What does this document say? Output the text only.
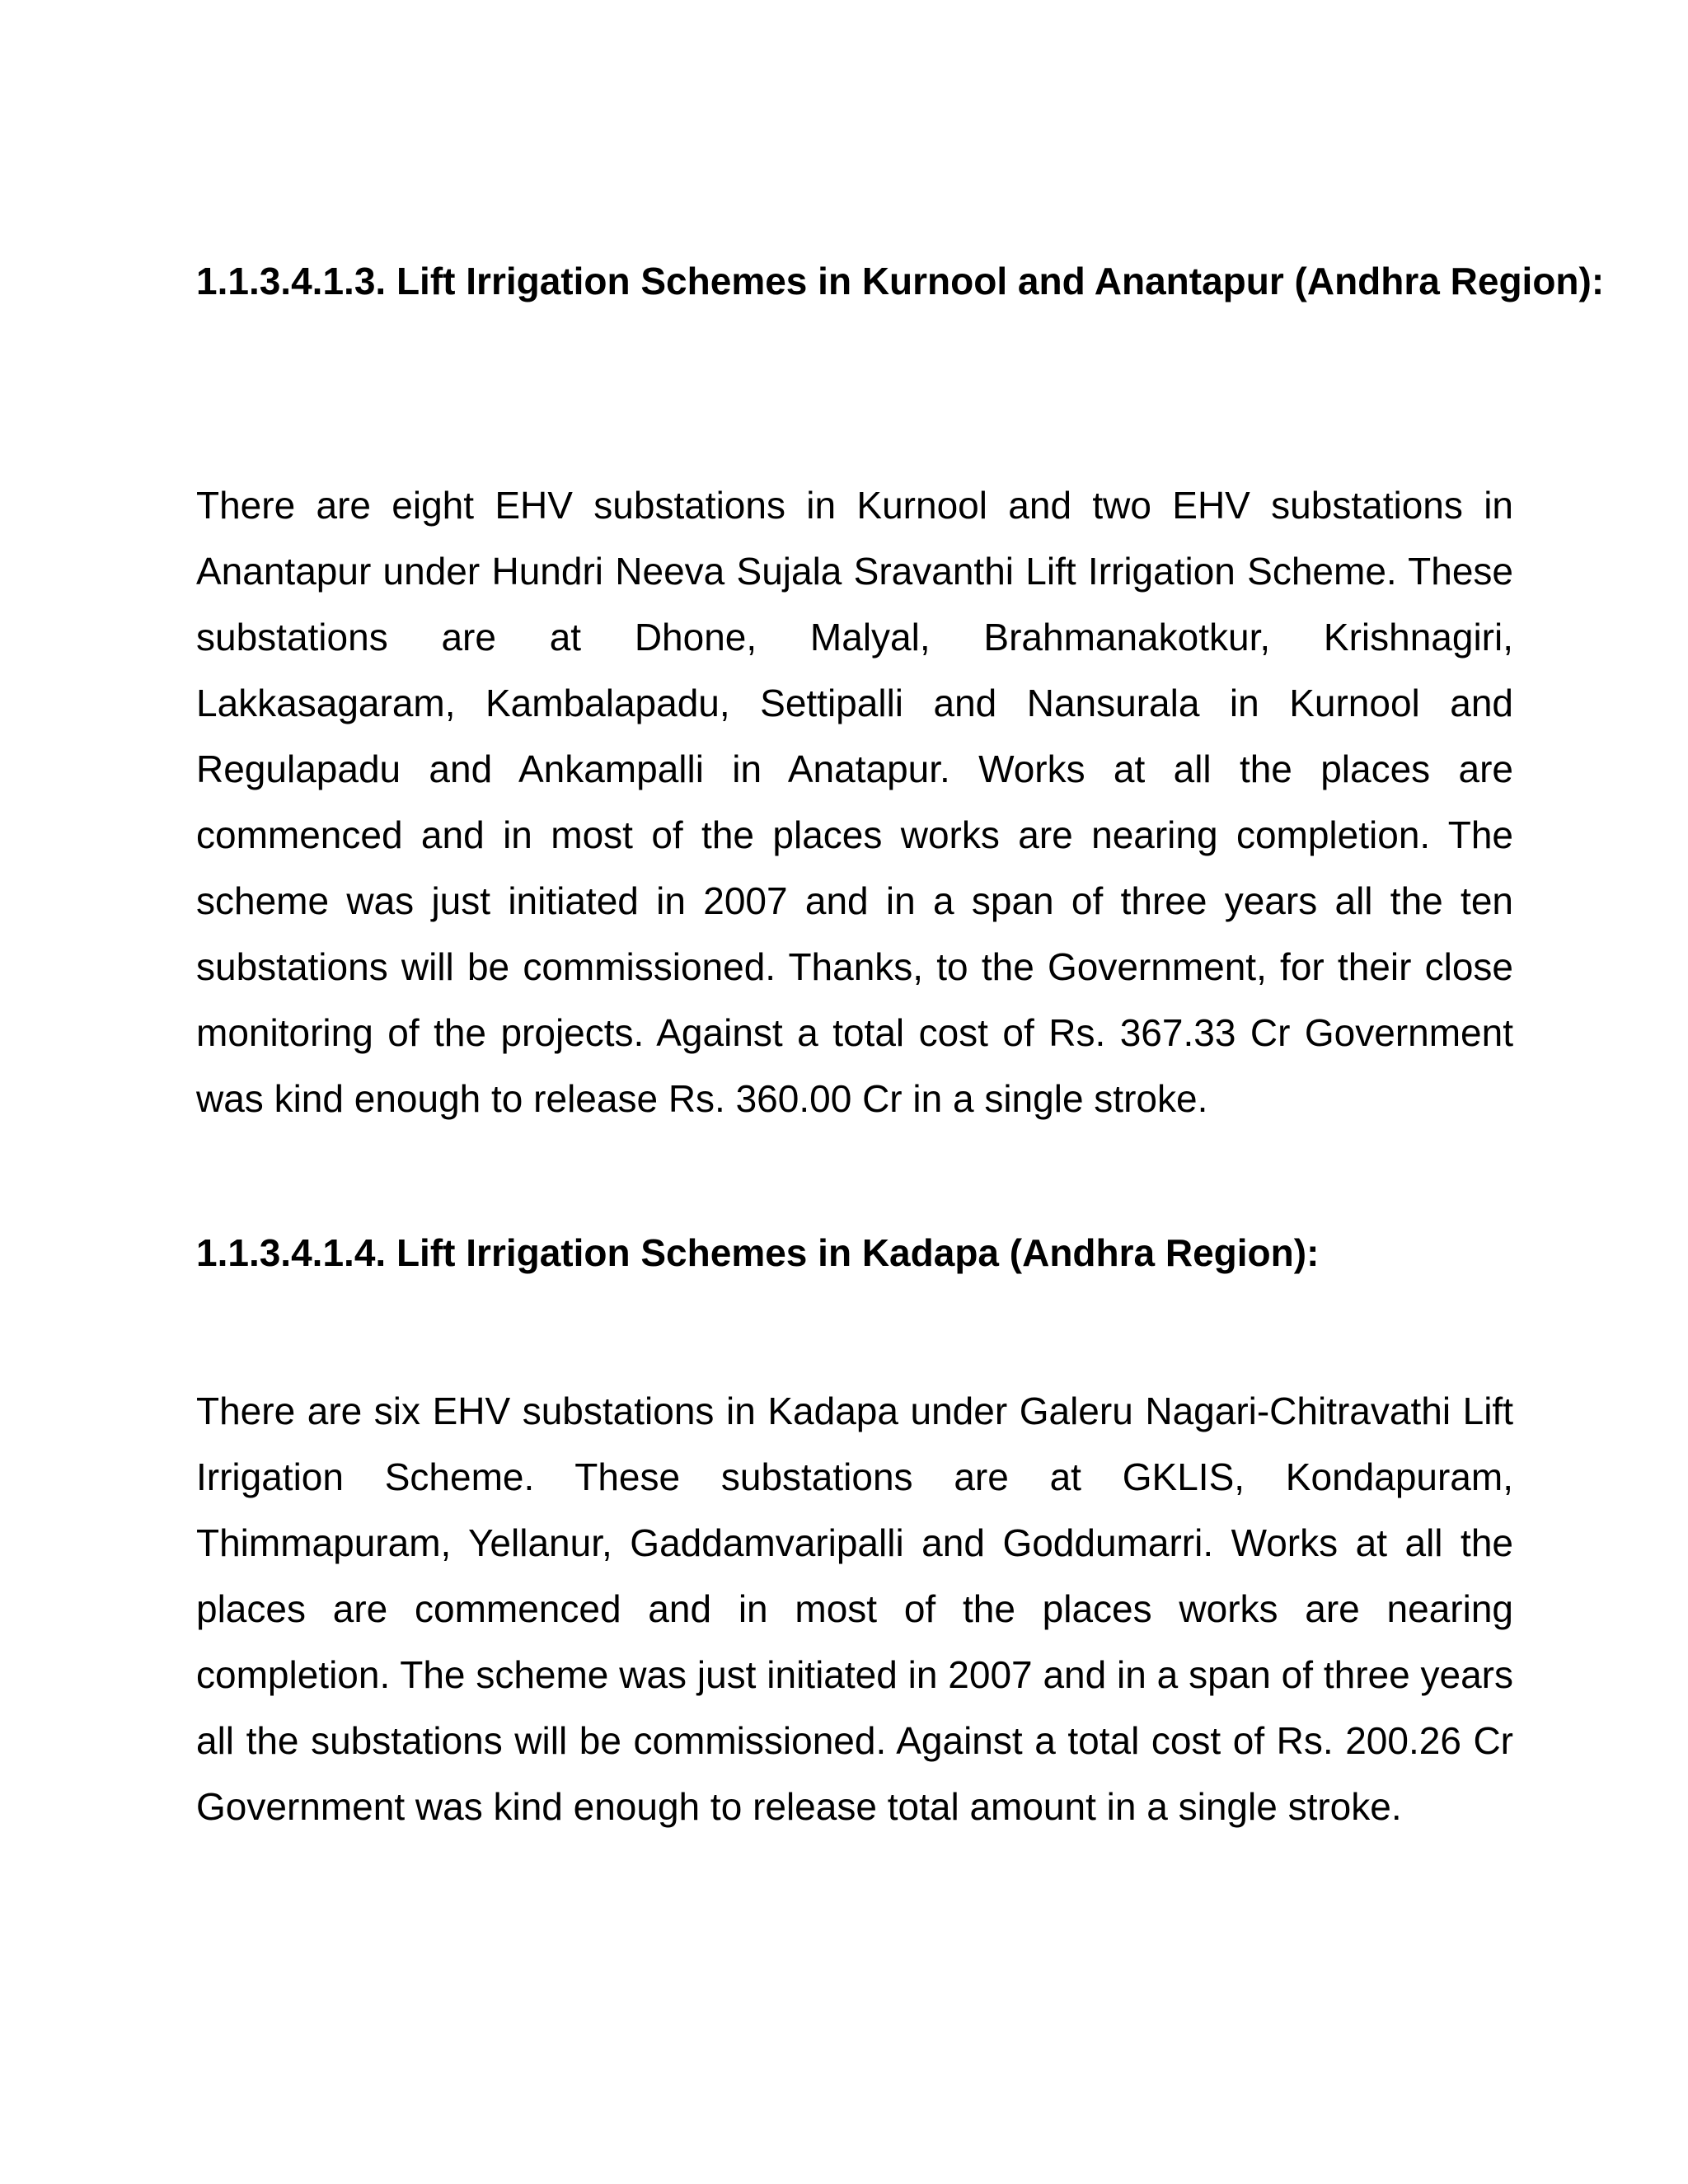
1.1.3.4.1.3. Lift Irrigation Schemes in Kurnool and Anantapur (Andhra Region):

There are eight EHV substations in Kurnool and two EHV substations in Anantapur under Hundri Neeva Sujala Sravanthi Lift Irrigation Scheme. These substations are at Dhone, Malyal, Brahmanakotkur, Krishnagiri, Lakkasagaram, Kambalapadu, Settipalli and Nansurala in Kurnool and Regulapadu and Ankampalli in Anatapur. Works at all the places are commenced and in most of the places works are nearing completion. The scheme was just initiated in 2007 and in a span of three years all the ten substations will be commissioned. Thanks, to the Government, for their close monitoring of the projects. Against a total cost of Rs. 367.33 Cr Government was kind enough to release Rs. 360.00 Cr in a single stroke.

1.1.3.4.1.4. Lift Irrigation Schemes in Kadapa (Andhra Region):

There are six EHV substations in Kadapa under Galeru Nagari-Chitravathi Lift Irrigation Scheme. These substations are at GKLIS, Kondapuram, Thimmapuram, Yellanur, Gaddamvaripalli and Goddumarri. Works at all the places are commenced and in most of the places works are nearing completion. The scheme was just initiated in 2007 and in a span of three years all the substations will be commissioned. Against a total cost of Rs. 200.26 Cr Government was kind enough to release total amount in a single stroke.
